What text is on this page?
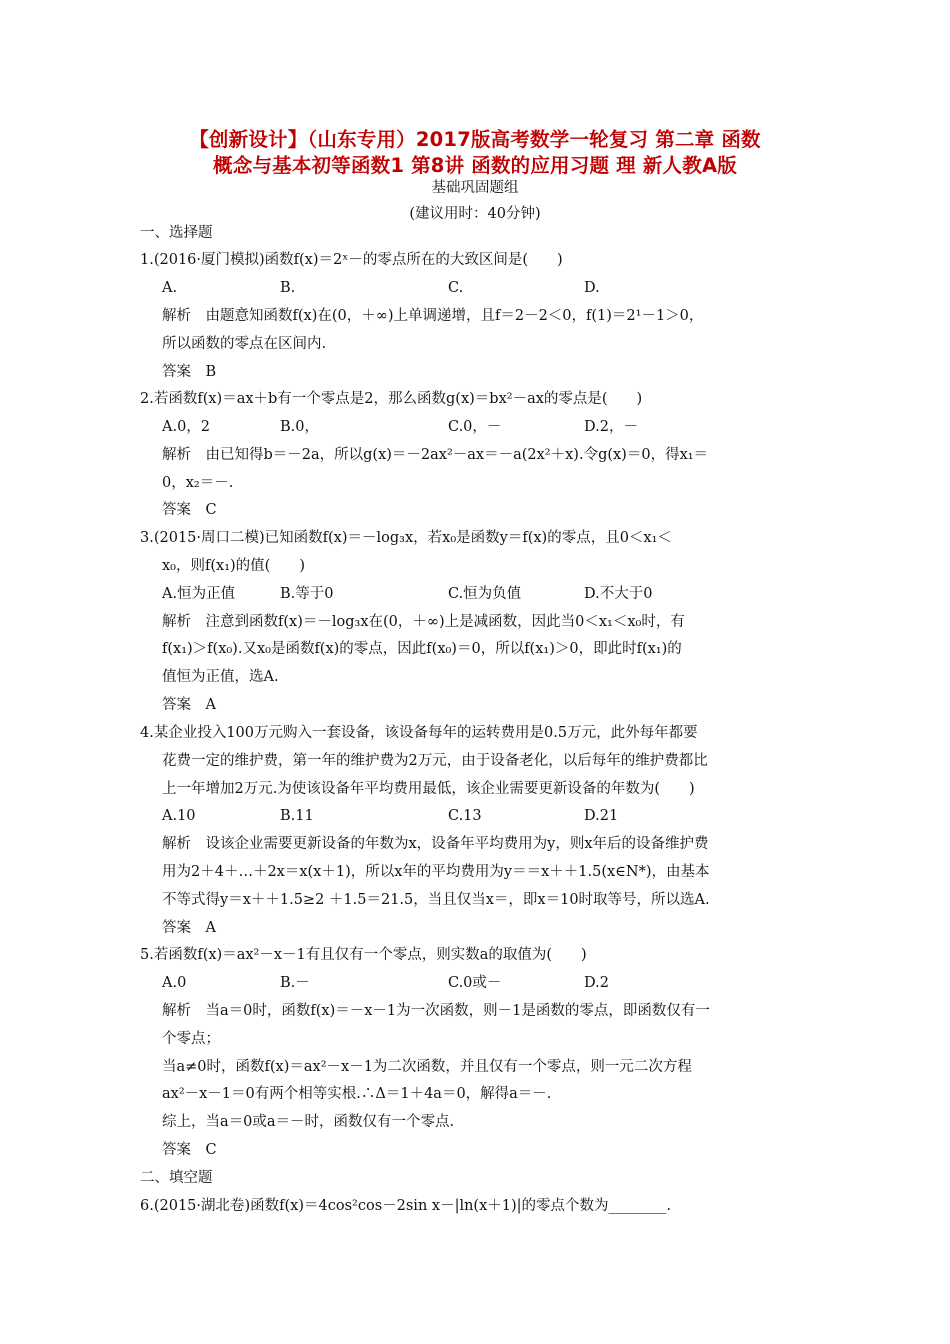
【创新设计】（山东专用）2017版高考数学一轮复习 第二章 函数
概念与基本初等函数1 第8讲 函数的应用习题 理 新人教A版
基础巩固题组
(建议用时：40分钟)
一、选择题
1.(2016·厦门模拟)函数f(x)＝2ˣ－的零点所在的大致区间是(　　)
A.	B.	C.	D.
解析　由题意知函数f(x)在(0，＋∞)上单调递增，且f＝2－2＜0，f(1)＝2¹－1＞0，
所以函数的零点在区间内.
答案　B
2.若函数f(x)＝ax＋b有一个零点是2，那么函数g(x)＝bx²－ax的零点是(　　)
A.0，2	B.0，	C.0，－	D.2，－
解析　由已知得b＝－2a，所以g(x)＝－2ax²－ax＝－a(2x²＋x).令g(x)＝0，得x₁＝
0，x₂＝－.
答案　C
3.(2015·周口二模)已知函数f(x)＝－log₃x，若x₀是函数y＝f(x)的零点，且0＜x₁＜
x₀，则f(x₁)的值(　　)
A.恒为正值	B.等于0	C.恒为负值	D.不大于0
解析　注意到函数f(x)＝－log₃x在(0，＋∞)上是减函数，因此当0＜x₁＜x₀时，有
f(x₁)＞f(x₀).又x₀是函数f(x)的零点，因此f(x₀)＝0，所以f(x₁)＞0，即此时f(x₁)的
值恒为正值，选A.
答案　A
4.某企业投入100万元购入一套设备，该设备每年的运转费用是0.5万元，此外每年都要
花费一定的维护费，第一年的维护费为2万元，由于设备老化，以后每年的维护费都比
上一年增加2万元.为使该设备年平均费用最低，该企业需要更新设备的年数为(　　)
A.10	B.11	C.13	D.21
解析　设该企业需要更新设备的年数为x，设备年平均费用为y，则x年后的设备维护费
用为2＋4＋…＋2x＝x(x＋1)，所以x年的平均费用为y＝＝x＋＋1.5(x∈N*)，由基本
不等式得y＝x＋＋1.5≥2 ＋1.5＝21.5，当且仅当x＝，即x＝10时取等号，所以选A.
答案　A
5.若函数f(x)＝ax²－x－1有且仅有一个零点，则实数a的取值为(　　)
A.0	B.－	C.0或－	D.2
解析　当a＝0时，函数f(x)＝－x－1为一次函数，则－1是函数的零点，即函数仅有一
个零点；
当a≠0时，函数f(x)＝ax²－x－1为二次函数，并且仅有一个零点，则一元二次方程
ax²－x－1＝0有两个相等实根.∴Δ＝1＋4a＝0，解得a＝－.
综上，当a＝0或a＝－时，函数仅有一个零点.
答案　C
二、填空题
6.(2015·湖北卷)函数f(x)＝4cos²cos－2sin x－|ln(x＋1)|的零点个数为________.
